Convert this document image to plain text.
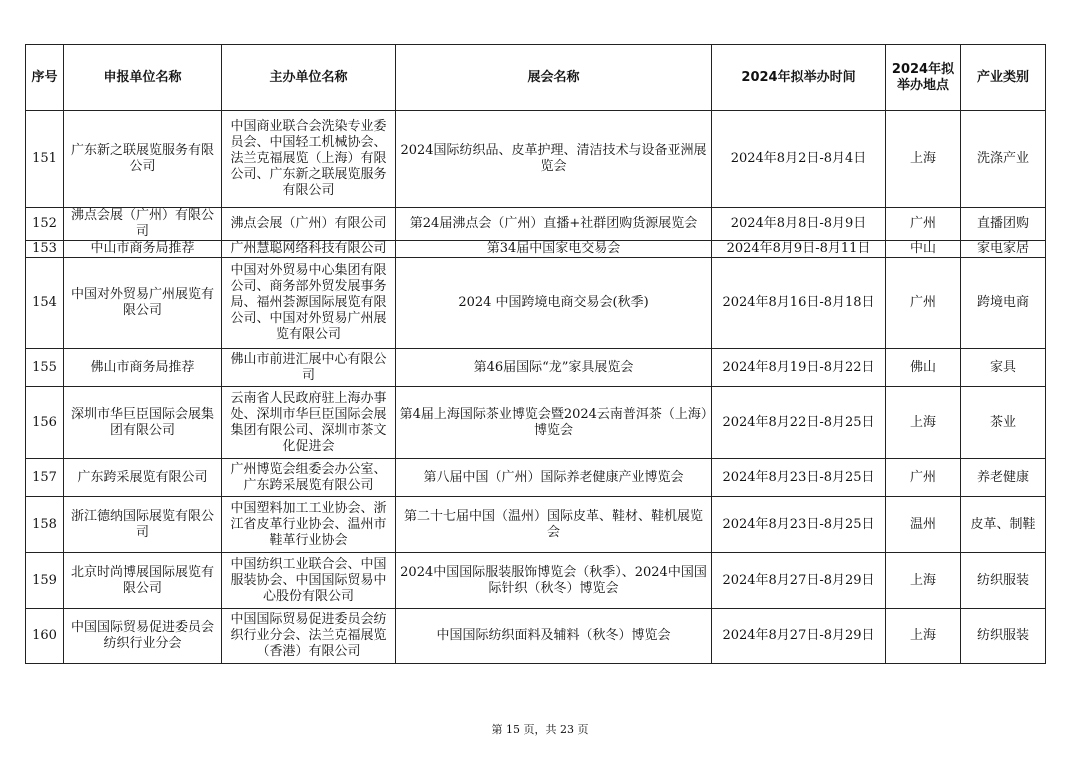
序号	申报单位名称	主办单位名称	展会名称	2024年拟举办时间	2024年拟举办地点	产业类别
151	广东新之联展览服务有限公司	中国商业联合会洗染专业委员会、中国轻工机械协会、法兰克福展览（上海）有限公司、广东新之联展览服务有限公司	2024国际纺织品、皮革护理、清洁技术与设备亚洲展览会	2024年8月2日-8月4日	上海	洗涤产业
152	沸点会展（广州）有限公司	沸点会展（广州）有限公司	第24届沸点会（广州）直播+社群团购货源展览会	2024年8月8日-8月9日	广州	直播团购
153	中山市商务局推荐	广州慧聪网络科技有限公司	第34届中国家电交易会	2024年8月9日-8月11日	中山	家电家居
154	中国对外贸易广州展览有限公司	中国对外贸易中心集团有限公司、商务部外贸发展事务局、福州荟源国际展览有限公司、中国对外贸易广州展览有限公司	2024 中国跨境电商交易会(秋季)	2024年8月16日-8月18日	广州	跨境电商
155	佛山市商务局推荐	佛山市前进汇展中心有限公司	第46届国际“龙”家具展览会	2024年8月19日-8月22日	佛山	家具
156	深圳市华巨臣国际会展集团有限公司	云南省人民政府驻上海办事处、深圳市华巨臣国际会展集团有限公司、深圳市茶文化促进会	第4届上海国际茶业博览会暨2024云南普洱茶（上海）博览会	2024年8月22日-8月25日	上海	茶业
157	广东跨采展览有限公司	广州博览会组委会办公室、广东跨采展览有限公司	第八届中国（广州）国际养老健康产业博览会	2024年8月23日-8月25日	广州	养老健康
158	浙江德纳国际展览有限公司	中国塑料加工工业协会、浙江省皮革行业协会、温州市鞋革行业协会	第二十七届中国（温州）国际皮革、鞋材、鞋机展览会	2024年8月23日-8月25日	温州	皮革、制鞋
159	北京时尚博展国际展览有限公司	中国纺织工业联合会、中国服装协会、中国国际贸易中心股份有限公司	2024中国国际服装服饰博览会（秋季）、2024中国国际针织（秋冬）博览会	2024年8月27日-8月29日	上海	纺织服装
160	中国国际贸易促进委员会纺织行业分会	中国国际贸易促进委员会纺织行业分会、法兰克福展览（香港）有限公司	中国国际纺织面料及辅料（秋冬）博览会	2024年8月27日-8月29日	上海	纺织服装
第 15 页，共 23 页
